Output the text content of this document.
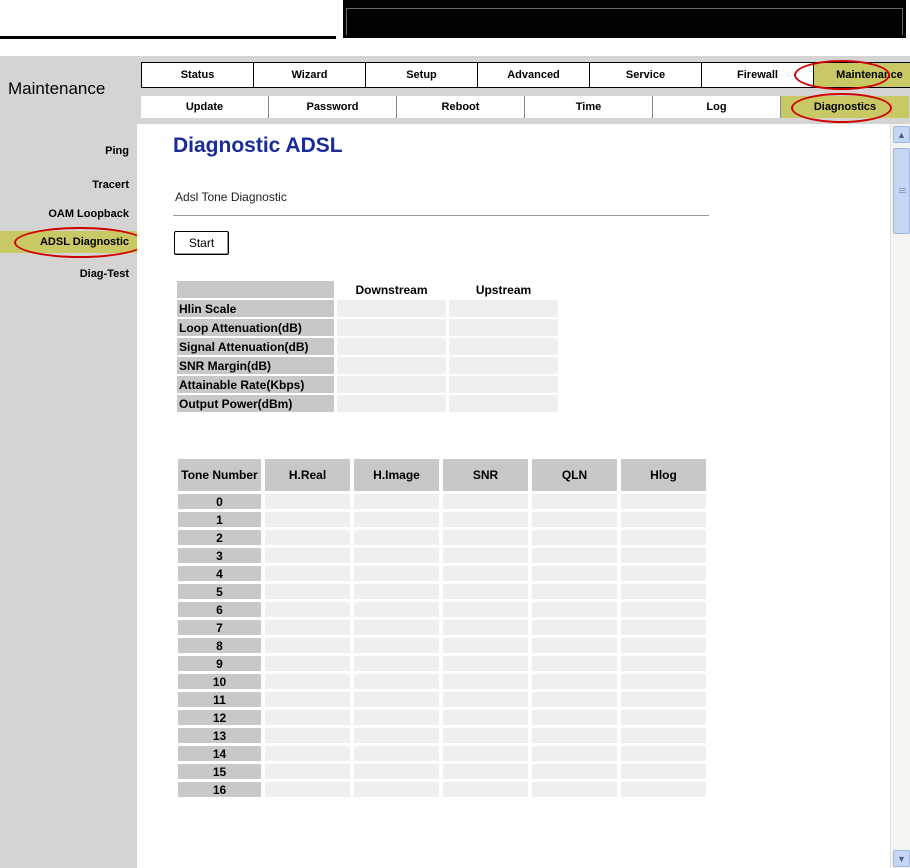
Maintenance
Status	Wizard	Setup	Advanced	Service	Firewall	Maintenance
Update	Password	Reboot	Time	Log	Diagnostics
Ping
Tracert
OAM Loopback
ADSL Diagnostic
Diag-Test
Diagnostic ADSL
Adsl Tone Diagnostic
Start
	Downstream	Upstream
Hlin Scale		
Loop Attenuation(dB)		
Signal Attenuation(dB)		
SNR Margin(dB)		
Attainable Rate(Kbps)		
Output Power(dBm)		
Tone Number	H.Real	H.Image	SNR	QLN	Hlog
0					
1					
2					
3					
4					
5					
6					
7					
8					
9					
10					
11					
12					
13					
14					
15					
16					
▲
▼
